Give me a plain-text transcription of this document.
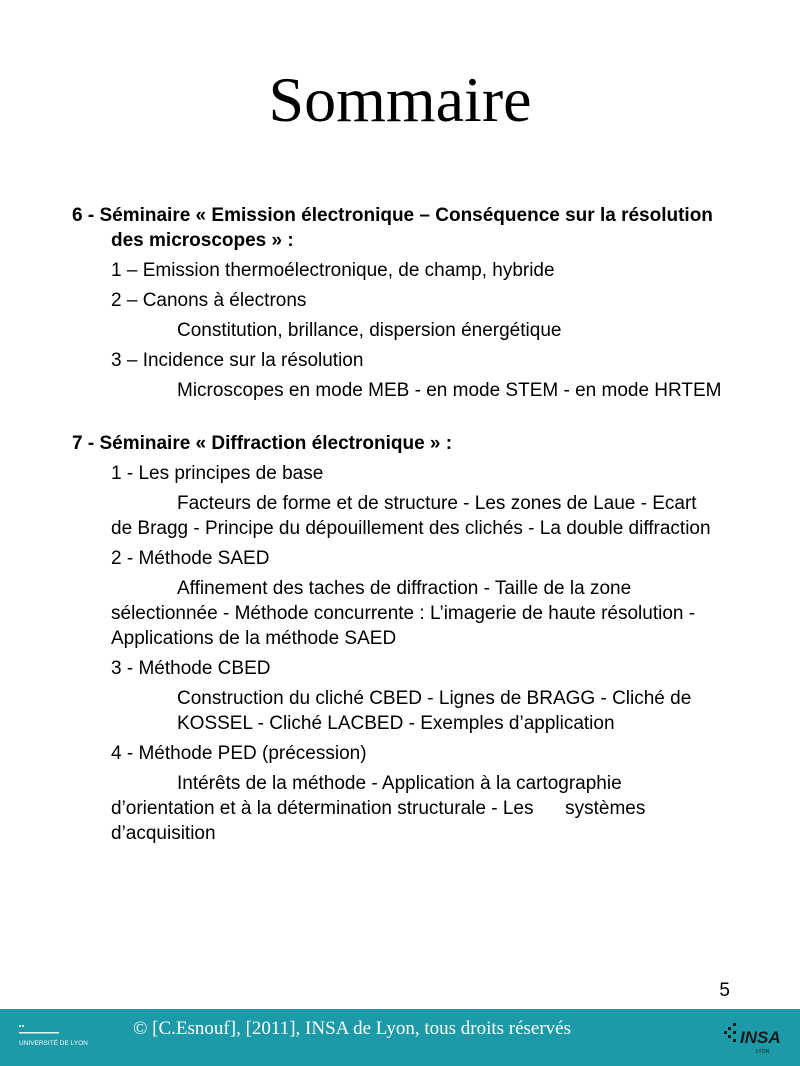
Sommaire

6 - Séminaire « Emission électronique – Conséquence sur la résolution des microscopes » :

1 – Emission thermoélectronique, de champ, hybride
2 – Canons à électrons
Constitution, brillance, dispersion énergétique
3 – Incidence sur la résolution
Microscopes en mode MEB - en mode STEM - en mode HRTEM

7 - Séminaire « Diffraction électronique » :

1 - Les principes de base
Facteurs de forme et de structure - Les zones de Laue - Ecart de Bragg - Principe du dépouillement des clichés - La double diffraction
2 - Méthode SAED
Affinement des taches de diffraction - Taille de la zone sélectionnée - Méthode concurrente : L’imagerie de haute résolution - Applications de la méthode SAED
3 - Méthode CBED
Construction du cliché CBED - Lignes de BRAGG - Cliché de KOSSEL - Cliché LACBED - Exemples d’application
4 - Méthode PED (précession)
Intérêts de la méthode - Application à la cartographie d’orientation et à la détermination structurale - Les      systèmes d’acquisition
5
UNIVERSITÉ DE LYON
© [C.Esnouf], [2011], INSA de Lyon, tous droits réservés	INSA
LYON
